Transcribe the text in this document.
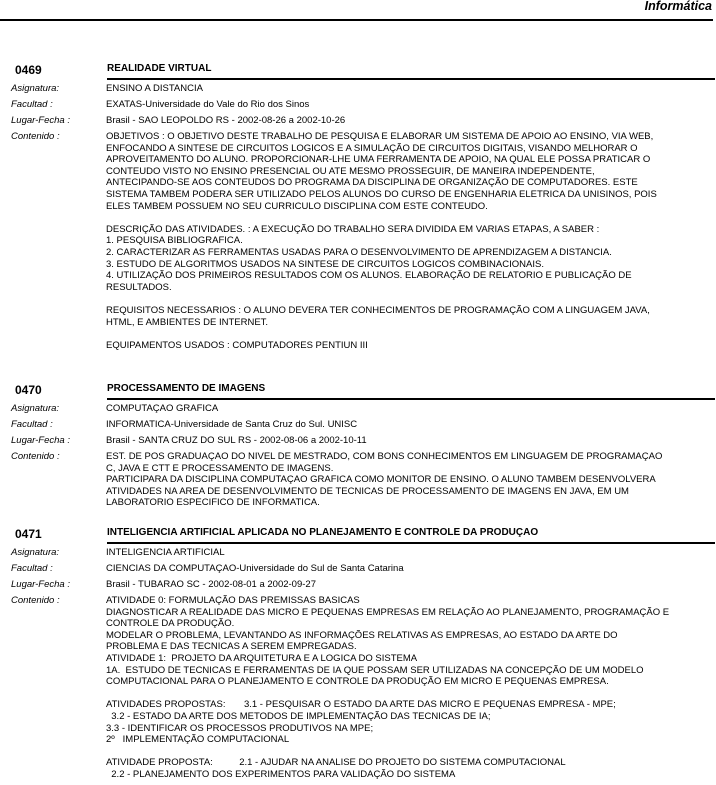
Informática
0469	REALIDADE VIRTUAL
Asignatura:	ENSINO A DISTANCIA
Facultad :	EXATAS-Universidade do Vale do Rio dos Sinos
Lugar-Fecha :	Brasil - SAO LEOPOLDO RS - 2002-08-26 a 2002-10-26
Contenido :	OBJETIVOS : O OBJETIVO DESTE TRABALHO DE PESQUISA E ELABORAR UM SISTEMA DE APOIO AO ENSINO, VIA WEB,
ENFOCANDO A SINTESE DE CIRCUITOS LOGICOS E A SIMULAÇÃO DE CIRCUITOS DIGITAIS, VISANDO MELHORAR O
APROVEITAMENTO DO ALUNO. PROPORCIONAR-LHE UMA FERRAMENTA DE APOIO, NA QUAL ELE POSSA PRATICAR O
CONTEUDO VISTO NO ENSINO PRESENCIAL OU ATE MESMO PROSSEGUIR, DE MANEIRA INDEPENDENTE,
ANTECIPANDO-SE AOS CONTEUDOS DO PROGRAMA DA DISCIPLINA DE ORGANIZAÇÃO DE COMPUTADORES. ESTE
SISTEMA TAMBEM PODERA SER UTILIZADO PELOS ALUNOS DO CURSO DE ENGENHARIA ELETRICA DA UNISINOS, POIS
ELES TAMBEM POSSUEM NO SEU CURRICULO DISCIPLINA COM ESTE CONTEUDO.
DESCRIÇÃO DAS ATIVIDADES. : A EXECUÇÃO DO TRABALHO SERA DIVIDIDA EM VARIAS ETAPAS, A SABER :
1. PESQUISA BIBLIOGRAFICA.
2. CARACTERIZAR AS FERRAMENTAS USADAS PARA O DESENVOLVIMENTO DE APRENDIZAGEM A DISTANCIA.
3. ESTUDO DE ALGORITMOS USADOS NA SINTESE DE CIRCUITOS LOGICOS COMBINACIONAIS.
4. UTILIZAÇÃO DOS PRIMEIROS RESULTADOS COM OS ALUNOS. ELABORAÇÃO DE RELATORIO E PUBLICAÇÃO DE
RESULTADOS.
REQUISITOS NECESSARIOS : O ALUNO DEVERA TER CONHECIMENTOS DE PROGRAMAÇÃO COM A LINGUAGEM JAVA,
HTML, E AMBIENTES DE INTERNET.
EQUIPAMENTOS USADOS : COMPUTADORES PENTIUN III
0470	PROCESSAMENTO DE IMAGENS
Asignatura:	COMPUTAÇAO GRAFICA
Facultad :	INFORMATICA-Universidade de Santa Cruz do Sul. UNISC
Lugar-Fecha :	Brasil - SANTA CRUZ DO SUL RS - 2002-08-06 a 2002-10-11
Contenido :	EST. DE POS GRADUAÇAO DO NIVEL DE MESTRADO, COM BONS CONHECIMENTOS EM LINGUAGEM DE PROGRAMAÇAO
C, JAVA E CTT E PROCESSAMENTO DE IMAGENS.
PARTICIPARA DA DISCIPLINA COMPUTAÇAO GRAFICA COMO MONITOR DE ENSINO. O ALUNO TAMBEM DESENVOLVERA
ATIVIDADES NA AREA DE DESENVOLVIMENTO DE TECNICAS DE PROCESSAMENTO DE IMAGENS EN JAVA, EM UM
LABORATORIO ESPECIFICO DE INFORMATICA.
0471	INTELIGENCIA ARTIFICIAL APLICADA NO PLANEJAMENTO E CONTROLE DA PRODUÇAO
Asignatura:	INTELIGENCIA ARTIFICIAL
Facultad :	CIENCIAS DA COMPUTAÇAO-Universidade do Sul de Santa Catarina
Lugar-Fecha :	Brasil - TUBARAO SC - 2002-08-01 a 2002-09-27
Contenido :	ATIVIDADE 0: FORMULAÇÃO DAS PREMISSAS BASICAS
DIAGNOSTICAR A REALIDADE DAS MICRO E PEQUENAS EMPRESAS EM RELAÇÃO AO PLANEJAMENTO, PROGRAMAÇÃO E
CONTROLE DA PRODUÇÃO.
MODELAR O PROBLEMA, LEVANTANDO AS INFORMAÇÕES RELATIVAS AS EMPRESAS, AO ESTADO DA ARTE DO
PROBLEMA E DAS TECNICAS A SEREM EMPREGADAS.
ATIVIDADE 1:  PROJETO DA ARQUITETURA E A LOGICA DO SISTEMA
1A.  ESTUDO DE TECNICAS E FERRAMENTAS DE IA QUE POSSAM SER UTILIZADAS NA CONCEPÇÃO DE UM MODELO
COMPUTACIONAL PARA O PLANEJAMENTO E CONTROLE DA PRODUÇÃO EM MICRO E PEQUENAS EMPRESA.
ATIVIDADES PROPOSTAS:       3.1 - PESQUISAR O ESTADO DA ARTE DAS MICRO E PEQUENAS EMPRESA - MPE;
3.2 - ESTADO DA ARTE DOS METODOS DE IMPLEMENTAÇÃO DAS TECNICAS DE IA;
3.3 - IDENTIFICAR OS PROCESSOS PRODUTIVOS NA MPE;
2º   IMPLEMENTAÇÃO COMPUTACIONAL
ATIVIDADE PROPOSTA:          2.1 - AJUDAR NA ANALISE DO PROJETO DO SISTEMA COMPUTACIONAL
2.2 - PLANEJAMENTO DOS EXPERIMENTOS PARA VALIDAÇÃO DO SISTEMA
